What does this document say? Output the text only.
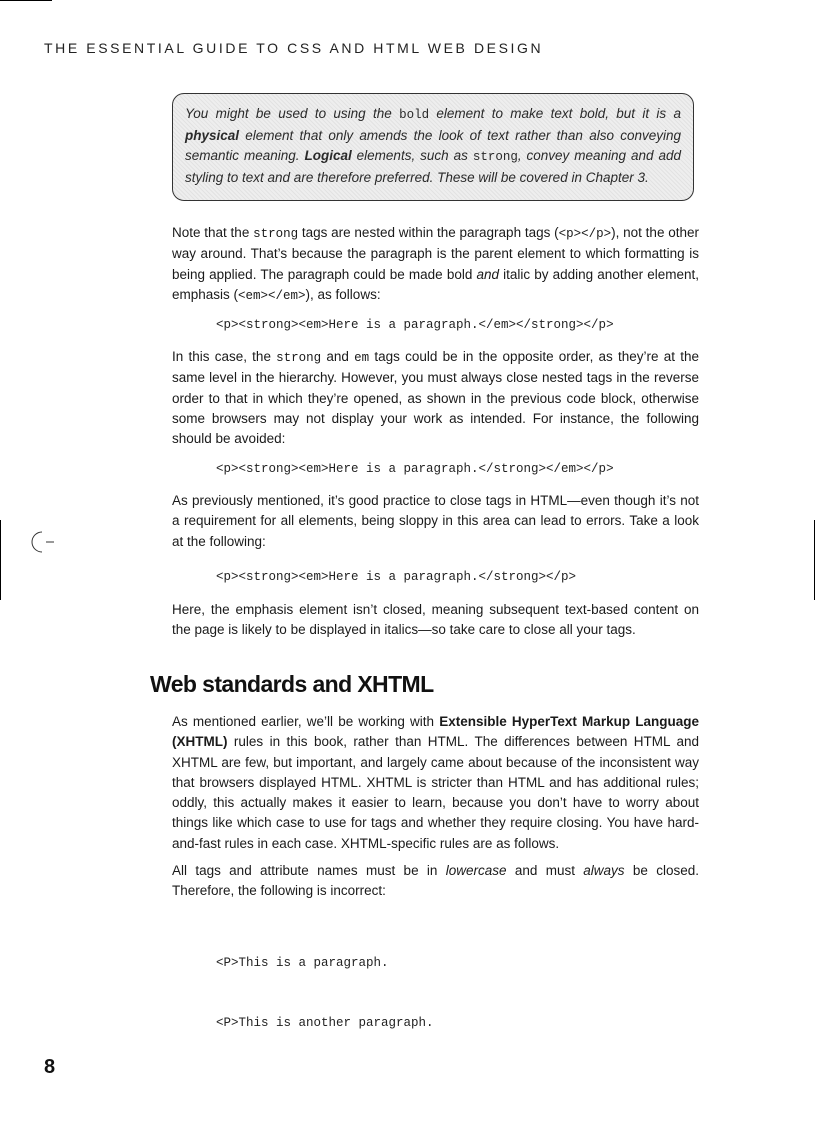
THE ESSENTIAL GUIDE TO CSS AND HTML WEB DESIGN
You might be used to using the bold element to make text bold, but it is a physical element that only amends the look of text rather than also conveying semantic meaning. Logical elements, such as strong, convey meaning and add styling to text and are therefore preferred. These will be covered in Chapter 3.

Note that the strong tags are nested within the paragraph tags (<p></p>), not the other way around. That’s because the paragraph is the parent element to which formatting is being applied. The paragraph could be made bold and italic by adding another element, emphasis (<em></em>), as follows:

<p><strong><em>Here is a paragraph.</em></strong></p>

In this case, the strong and em tags could be in the opposite order, as they’re at the same level in the hierarchy. However, you must always close nested tags in the reverse order to that in which they’re opened, as shown in the previous code block, otherwise some browsers may not display your work as intended. For instance, the following should be avoided:

<p><strong><em>Here is a paragraph.</strong></em></p>

As previously mentioned, it’s good practice to close tags in HTML—even though it’s not a requirement for all elements, being sloppy in this area can lead to errors. Take a look at the following:

<p><strong><em>Here is a paragraph.</strong></p>

Here, the emphasis element isn’t closed, meaning subsequent text-based content on the page is likely to be displayed in italics—so take care to close all your tags.

Web standards and XHTML

As mentioned earlier, we’ll be working with Extensible HyperText Markup Language (XHTML) rules in this book, rather than HTML. The differences between HTML and XHTML are few, but important, and largely came about because of the inconsistent way that browsers displayed HTML. XHTML is stricter than HTML and has additional rules; oddly, this actually makes it easier to learn, because you don’t have to worry about things like which case to use for tags and whether they require closing. You have hard-and-fast rules in each case. XHTML-specific rules are as follows.

All tags and attribute names must be in lowercase and must always be closed. Therefore, the following is incorrect:

<P>This is a paragraph.

<P>This is another paragraph.

8
